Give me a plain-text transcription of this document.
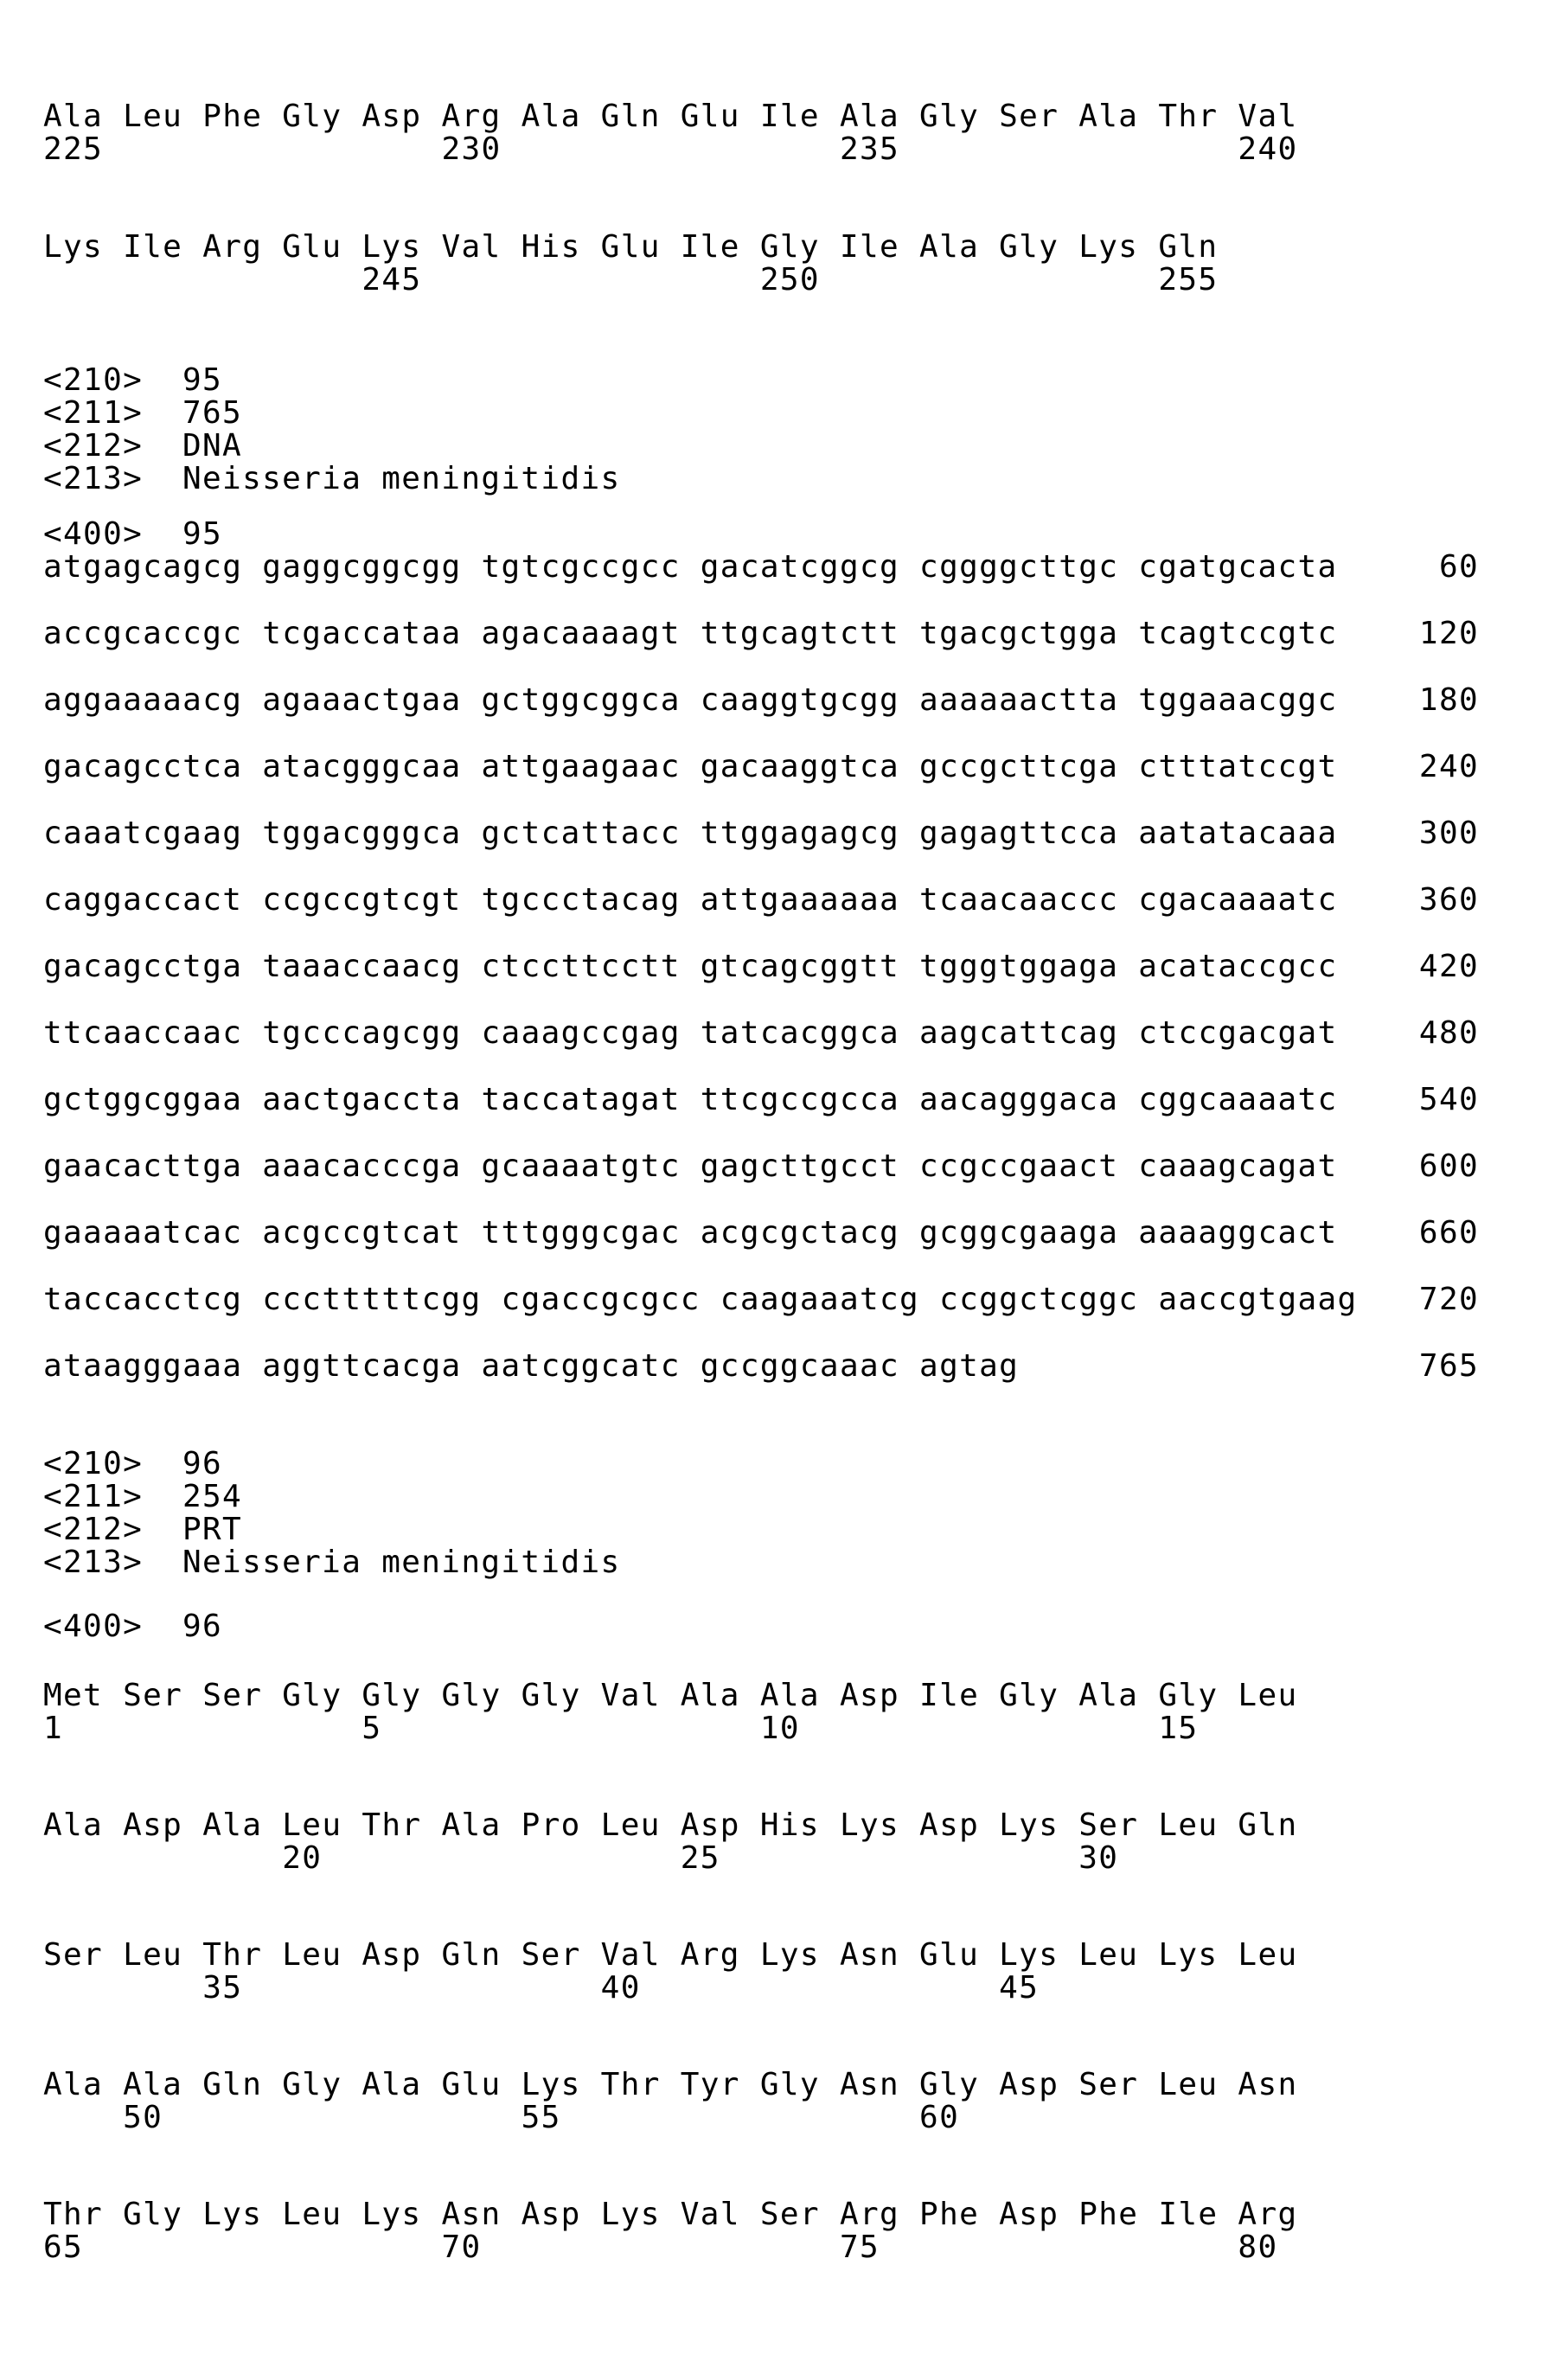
Ala Leu Phe Gly Asp Arg Ala Gln Glu Ile Ala Gly Ser Ala Thr Val
225                 230                 235                 240
Lys Ile Arg Glu Lys Val His Glu Ile Gly Ile Ala Gly Lys Gln
245                 250                 255
<210> 95
<211> 765
<212> DNA
<213> Neisseria meningitidis
<400> 95
atgagcagcg gaggcggcgg tgtcgccgcc gacatcggcg cggggcttgc cgatgcacta	60
accgcaccgc tcgaccataa agacaaaagt ttgcagtctt tgacgctgga tcagtccgtc	120
aggaaaaacg agaaactgaa gctggcggca caaggtgcgg aaaaaactta tggaaacggc	180
gacagcctca atacgggcaa attgaagaac gacaaggtca gccgcttcga ctttatccgt	240
caaatcgaag tggacgggca gctcattacc ttggagagcg gagagttcca aatatacaaa	300
caggaccact ccgccgtcgt tgccctacag attgaaaaaa tcaacaaccc cgacaaaatc	360
gacagcctga taaaccaacg ctccttcctt gtcagcggtt tgggtggaga acataccgcc	420
ttcaaccaac tgcccagcgg caaagccgag tatcacggca aagcattcag ctccgacgat	480
gctggcggaa aactgaccta taccatagat ttcgccgcca aacagggaca cggcaaaatc	540
gaacacttga aaacacccga gcaaaatgtc gagcttgcct ccgccgaact caaagcagat	600
gaaaaatcac acgccgtcat tttgggcgac acgcgctacg gcggcgaaga aaaaggcact	660
taccacctcg ccctttttcgg cgaccgcgcc caagaaatcg ccggctcggc aaccgtgaag 720
ataagggaaa aggttcacga aatcggcatc gccggcaaac agtag	765
<210> 96
<211> 254
<212> PRT
<213> Neisseria meningitidis
<400> 96
Met Ser Ser Gly Gly Gly Gly Val Ala Ala Asp Ile Gly Ala Gly Leu
1               5                   10                  15
Ala Asp Ala Leu Thr Ala Pro Leu Asp His Lys Asp Lys Ser Leu Gln
20                  25                  30
Ser Leu Thr Leu Asp Gln Ser Val Arg Lys Asn Glu Lys Leu Lys Leu
35                  40                  45
Ala Ala Gln Gly Ala Glu Lys Thr Tyr Gly Asn Gly Asp Ser Leu Asn
50                  55                  60
Thr Gly Lys Leu Lys Asn Asp Lys Val Ser Arg Phe Asp Phe Ile Arg
65                  70                  75                  80
